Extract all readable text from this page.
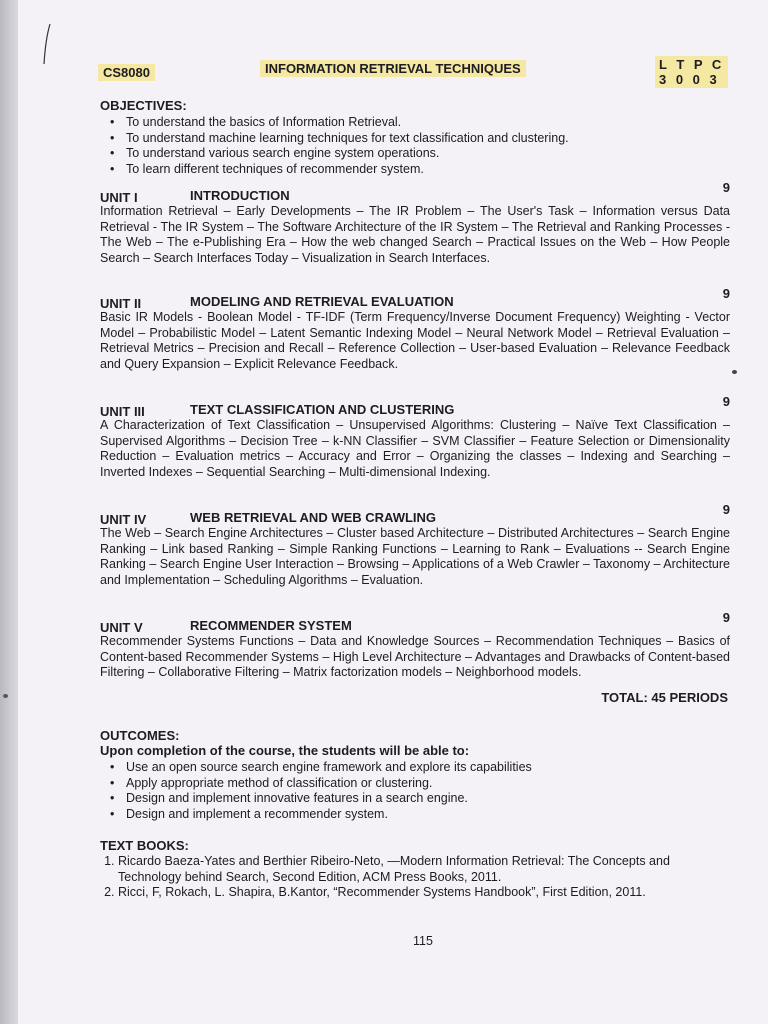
CS8080	INFORMATION RETRIEVAL TECHNIQUES	L T P C
3 0 0 3
OBJECTIVES:
• To understand the basics of Information Retrieval.
• To understand machine learning techniques for text classification and clustering.
• To understand various search engine system operations.
• To learn different techniques of recommender system.
UNIT I	INTRODUCTION
9

Information Retrieval – Early Developments – The IR Problem – The User's Task – Information versus Data Retrieval - The IR System – The Software Architecture of the IR System – The Retrieval and Ranking Processes - The Web – The e-Publishing Era – How the web changed Search – Practical Issues on the Web – How People Search – Search Interfaces Today – Visualization in Search Interfaces.

UNIT II	MODELING AND RETRIEVAL EVALUATION
9

Basic IR Models - Boolean Model - TF-IDF (Term Frequency/Inverse Document Frequency) Weighting - Vector Model – Probabilistic Model – Latent Semantic Indexing Model – Neural Network Model – Retrieval Evaluation – Retrieval Metrics – Precision and Recall – Reference Collection – User-based Evaluation – Relevance Feedback and Query Expansion – Explicit Relevance Feedback.

UNIT III	TEXT CLASSIFICATION AND CLUSTERING
9

A Characterization of Text Classification – Unsupervised Algorithms: Clustering – Naïve Text Classification – Supervised Algorithms – Decision Tree – k-NN Classifier – SVM Classifier – Feature Selection or Dimensionality Reduction – Evaluation metrics – Accuracy and Error – Organizing the classes – Indexing and Searching – Inverted Indexes – Sequential Searching – Multi-dimensional Indexing.

UNIT IV	WEB RETRIEVAL AND WEB CRAWLING
9

The Web – Search Engine Architectures – Cluster based Architecture – Distributed Architectures – Search Engine Ranking – Link based Ranking – Simple Ranking Functions – Learning to Rank – Evaluations -- Search Engine Ranking – Search Engine User Interaction – Browsing – Applications of a Web Crawler – Taxonomy – Architecture and Implementation – Scheduling Algorithms – Evaluation.

UNIT V	RECOMMENDER SYSTEM
9

Recommender Systems Functions – Data and Knowledge Sources – Recommendation Techniques – Basics of Content-based Recommender Systems – High Level Architecture – Advantages and Drawbacks of Content-based Filtering – Collaborative Filtering – Matrix factorization models – Neighborhood models.

TOTAL: 45 PERIODS
OUTCOMES:
Upon completion of the course, the students will be able to:
• Use an open source search engine framework and explore its capabilities
• Apply appropriate method of classification or clustering.
• Design and implement innovative features in a search engine.
• Design and implement a recommender system.
TEXT BOOKS:
1. Ricardo Baeza-Yates and Berthier Ribeiro-Neto, —Modern Information Retrieval: The Concepts and Technology behind Search, Second Edition, ACM Press Books, 2011.
2. Ricci, F, Rokach, L. Shapira, B.Kantor, “Recommender Systems Handbook”, First Edition, 2011.
115
